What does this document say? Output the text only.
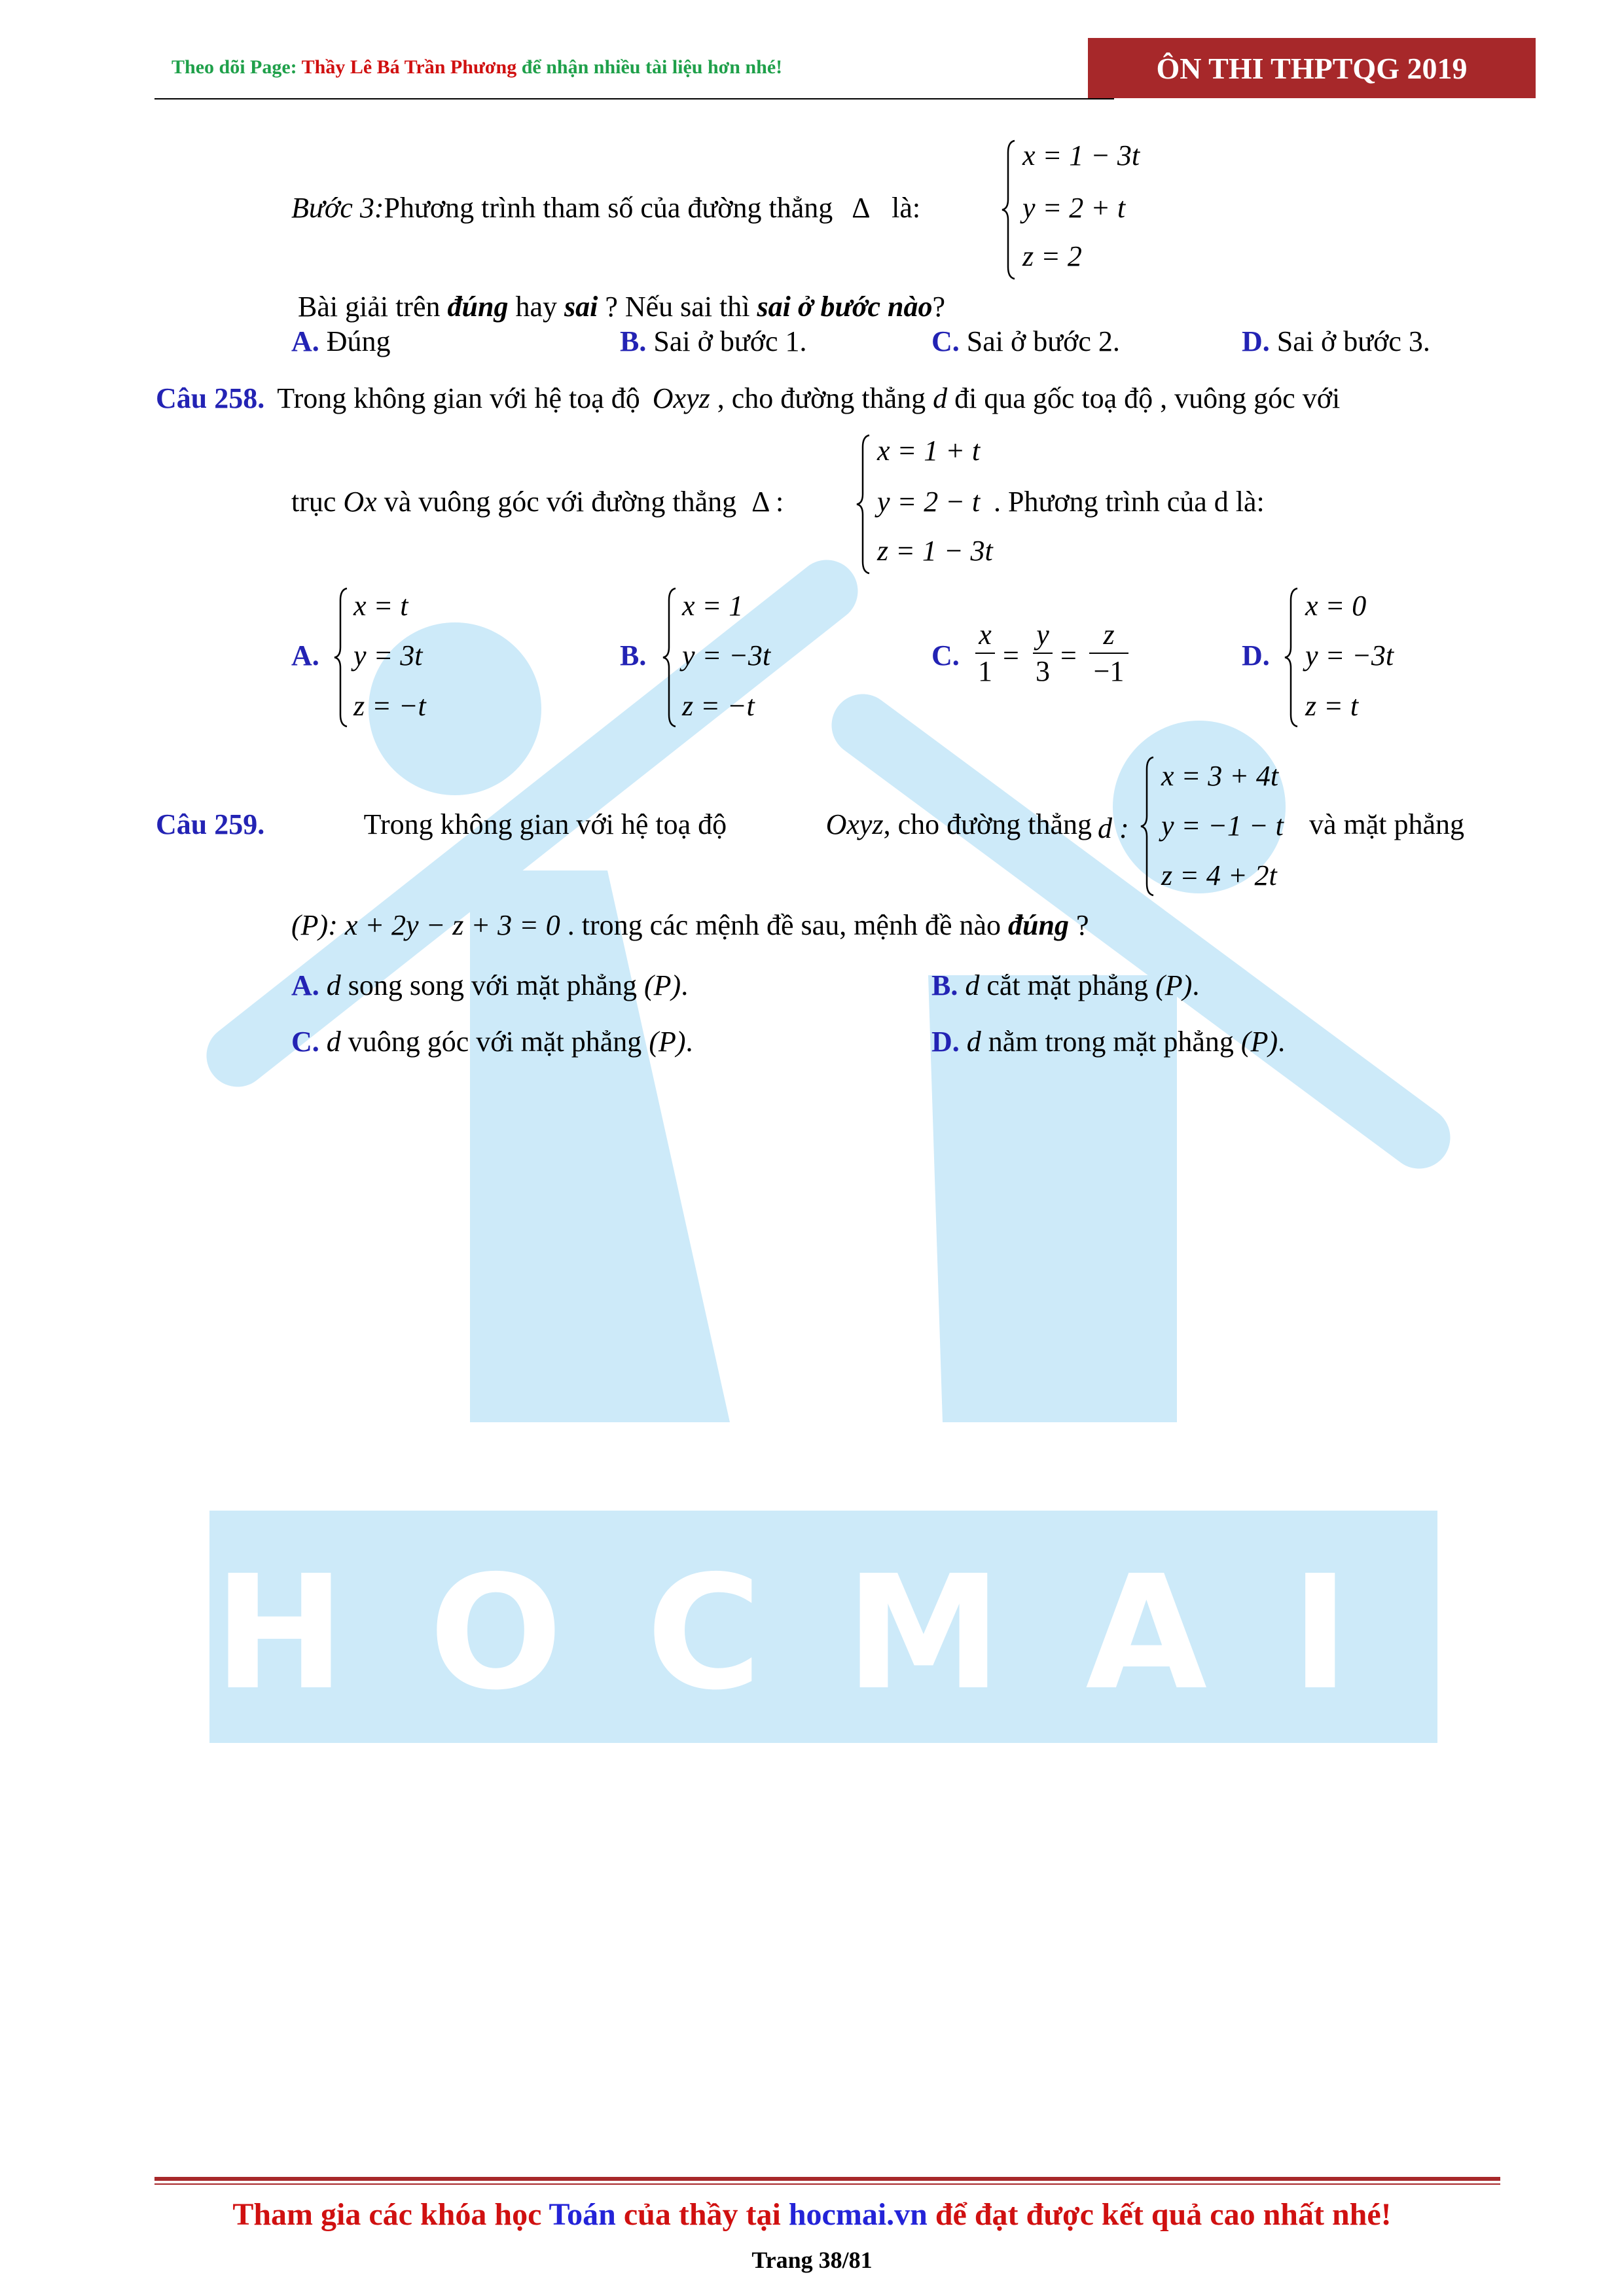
HOCMAI
Theo dõi Page: Thầy Lê Bá Trần Phương để nhận nhiều tài liệu hơn nhé!	ÔN THI THPTQG 2019
Bước 3:Phương trình tham số của đường thẳng Δ là:
x = 1 − 3t
y = 2 + t
z = 2
Bài giải trên đúng hay sai ? Nếu sai thì sai ở bước nào?
A. Đúng	B. Sai ở bước 1.	C. Sai ở bước 2.	D. Sai ở bước 3.
Câu 258. Trong không gian với hệ toạ độ Oxyz , cho đường thẳng d đi qua gốc toạ độ , vuông góc với
trục Ox và vuông góc với đường thẳng Δ :
x = 1 + t
y = 2 − t
z = 1 − 3t
. Phương trình của d là:
A.
x = t
y = 3t
z = −t
B.
x = 1
y = −3t
z = −t
C.
x
1 =
y
3 =
z
−1	D.
x = 0
y = −3t
z = t
Câu 259.	Trong không gian với hệ toạ độ	Oxyz, cho đường thẳng d :
x = 3 + 4t
y = −1 − t
z = 4 + 2t
và mặt phẳng
(P): x + 2y − z + 3 = 0 . trong các mệnh đề sau, mệnh đề nào đúng ?
A. d song song với mặt phẳng (P).	B. d cắt mặt phẳng (P).
C. d vuông góc với mặt phẳng (P).	D. d nằm trong mặt phẳng (P).
Tham gia các khóa học Toán của thầy tại hocmai.vn để đạt được kết quả cao nhất nhé!
Trang 38/81
